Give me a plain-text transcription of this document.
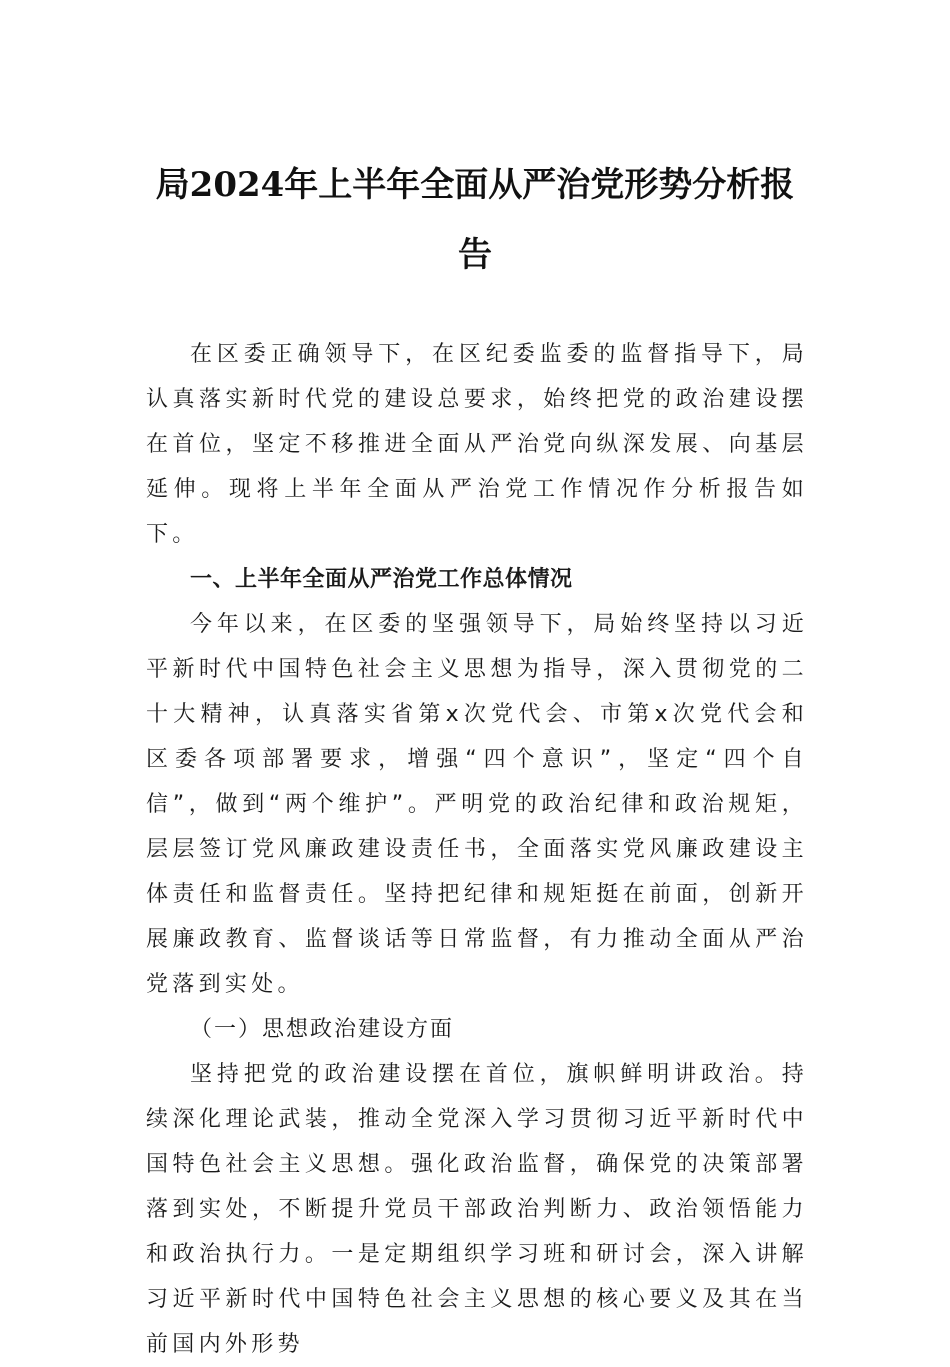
局2024年上半年全面从严治党形势分析报
告

在区委正确领导下，在区纪委监委的监督指导下，局认真落实新时代党的建设总要求，始终把党的政治建设摆在首位，坚定不移推进全面从严治党向纵深发展、向基层延伸。现将上半年全面从严治党工作情况作分析报告如下。

一、上半年全面从严治党工作总体情况

今年以来，在区委的坚强领导下，局始终坚持以习近平新时代中国特色社会主义思想为指导，深入贯彻党的二十大精神，认真落实省第x次党代会、市第x次党代会和区委各项部署要求，增强“四个意识”，坚定“四个自信”，做到“两个维护”。严明党的政治纪律和政治规矩，层层签订党风廉政建设责任书，全面落实党风廉政建设主体责任和监督责任。坚持把纪律和规矩挺在前面，创新开展廉政教育、监督谈话等日常监督，有力推动全面从严治党落到实处。

（一）思想政治建设方面

坚持把党的政治建设摆在首位，旗帜鲜明讲政治。持续深化理论武装，推动全党深入学习贯彻习近平新时代中国特色社会主义思想。强化政治监督，确保党的决策部署落到实处，不断提升党员干部政治判断力、政治领悟能力和政治执行力。一是定期组织学习班和研讨会，深入讲解习近平新时代中国特色社会主义思想的核心要义及其在当前国内外形势
